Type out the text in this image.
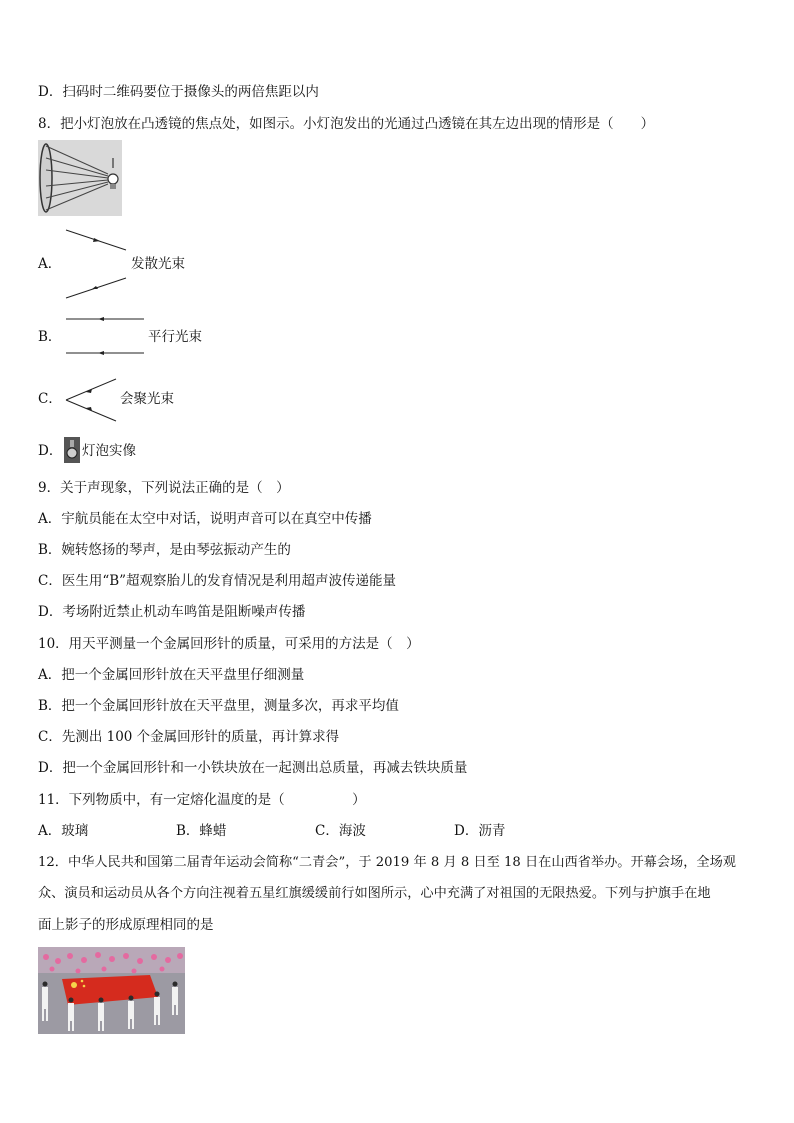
D．扫码时二维码要位于摄像头的两倍焦距以内
8．把小灯泡放在凸透镜的焦点处，如图示。小灯泡发出的光通过凸透镜在其左边出现的情形是（　　）
A．	发散光束
B．	平行光束
C．	会聚光束
D． 灯泡实像
9．关于声现象，下列说法正确的是（　）
A．宇航员能在太空中对话，说明声音可以在真空中传播
B．婉转悠扬的琴声，是由琴弦振动产生的
C．医生用“B”超观察胎儿的发育情况是利用超声波传递能量
D．考场附近禁止机动车鸣笛是阻断噪声传播
10．用天平测量一个金属回形针的质量，可采用的方法是（　）
A．把一个金属回形针放在天平盘里仔细测量
B．把一个金属回形针放在天平盘里，测量多次，再求平均值
C．先测出 100 个金属回形针的质量，再计算求得
D．把一个金属回形针和一小铁块放在一起测出总质量，再减去铁块质量
11．下列物质中，有一定熔化温度的是（　　　　　）
A．玻璃	B．蜂蜡	C．海波	D．沥青
12．中华人民共和国第二届青年运动会简称“二青会”，于 2019 年 8 月 8 日至 18 日在山西省举办。开幕会场，全场观
众、演员和运动员从各个方向注视着五星红旗缓缓前行如图所示，心中充满了对祖国的无限热爱。下列与护旗手在地
面上影子的形成原理相同的是
